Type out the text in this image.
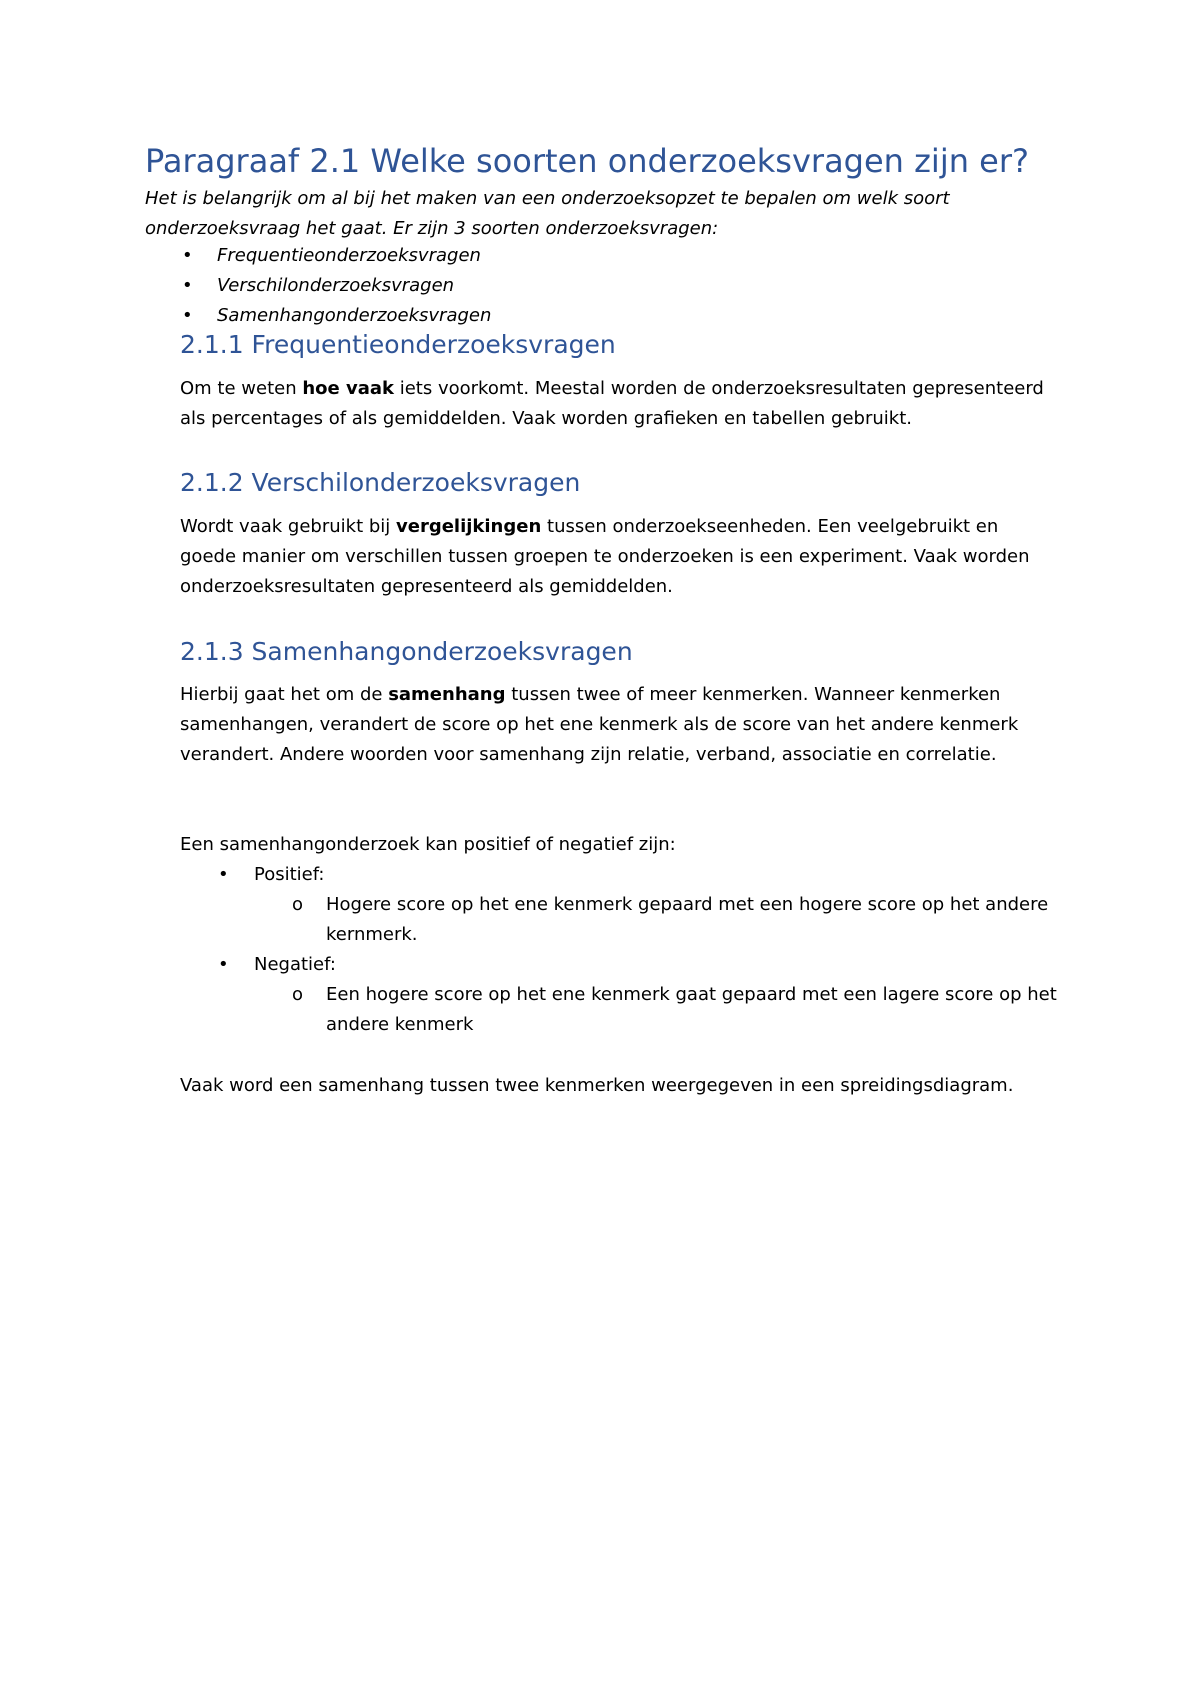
Paragraaf 2.1 Welke soorten onderzoeksvragen zijn er?

Het is belangrijk om al bij het maken van een onderzoeksopzet te bepalen om welk soort onderzoeksvraag het gaat. Er zijn 3 soorten onderzoeksvragen:

• Frequentieonderzoeksvragen
• Verschilonderzoeksvragen
• Samenhangonderzoeksvragen
2.1.1 Frequentieonderzoeksvragen

Om te weten hoe vaak iets voorkomt. Meestal worden de onderzoeksresultaten gepresenteerd als percentages of als gemiddelden. Vaak worden grafieken en tabellen gebruikt.

2.1.2 Verschilonderzoeksvragen

Wordt vaak gebruikt bij vergelijkingen tussen onderzoekseenheden. Een veelgebruikt en goede manier om verschillen tussen groepen te onderzoeken is een experiment. Vaak worden onderzoeksresultaten gepresenteerd als gemiddelden.

2.1.3 Samenhangonderzoeksvragen

Hierbij gaat het om de samenhang tussen twee of meer kenmerken. Wanneer kenmerken samenhangen, verandert de score op het ene kenmerk als de score van het andere kenmerk verandert. Andere woorden voor samenhang zijn relatie, verband, associatie en correlatie.

Een samenhangonderzoek kan positief of negatief zijn:

• Positief:
o Hogere score op het ene kenmerk gepaard met een hogere score op het andere kernmerk.
• Negatief:
o Een hogere score op het ene kenmerk gaat gepaard met een lagere score op het andere kenmerk

Vaak word een samenhang tussen twee kenmerken weergegeven in een spreidingsdiagram.
